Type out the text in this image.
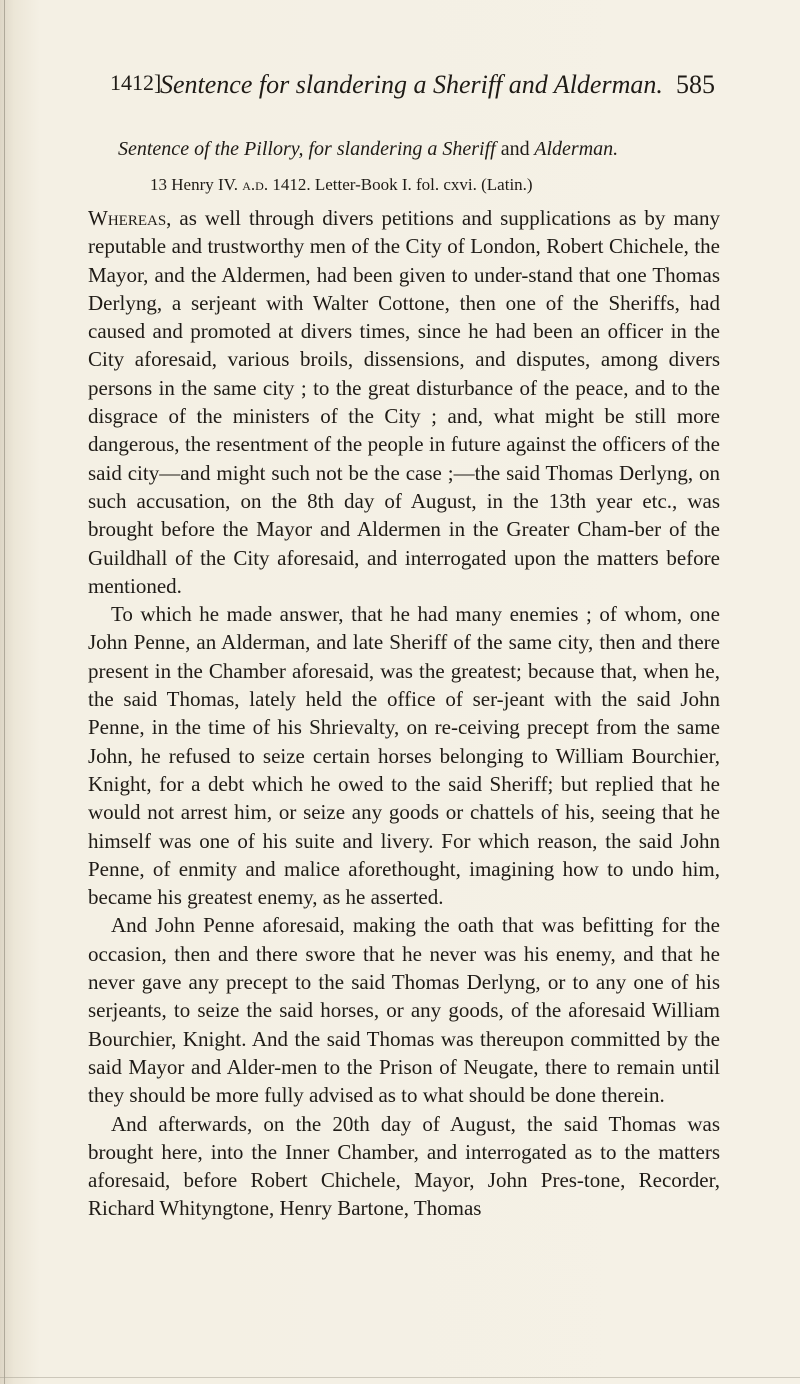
1412]
Sentence for slandering a Sheriff and Alderman. 585
Sentence of the Pillory, for slandering a Sheriff and Alderman.
13 Henry IV. a.d. 1412. Letter-Book I. fol. cxvi. (Latin.)

Whereas, as well through divers petitions and supplications as by many reputable and trustworthy men of the City of London, Robert Chichele, the Mayor, and the Aldermen, had been given to under-stand that one Thomas Derlyng, a serjeant with Walter Cottone, then one of the Sheriffs, had caused and promoted at divers times, since he had been an officer in the City aforesaid, various broils, dissensions, and disputes, among divers persons in the same city ; to the great disturbance of the peace, and to the disgrace of the ministers of the City ; and, what might be still more dangerous, the resentment of the people in future against the officers of the said city—and might such not be the case ;—the said Thomas Derlyng, on such accusation, on the 8th day of August, in the 13th year etc., was brought before the Mayor and Aldermen in the Greater Cham-ber of the Guildhall of the City aforesaid, and interrogated upon the matters before mentioned.

To which he made answer, that he had many enemies ; of whom, one John Penne, an Alderman, and late Sheriff of the same city, then and there present in the Chamber aforesaid, was the greatest; because that, when he, the said Thomas, lately held the office of ser-jeant with the said John Penne, in the time of his Shrievalty, on re-ceiving precept from the same John, he refused to seize certain horses belonging to William Bourchier, Knight, for a debt which he owed to the said Sheriff; but replied that he would not arrest him, or seize any goods or chattels of his, seeing that he himself was one of his suite and livery. For which reason, the said John Penne, of enmity and malice aforethought, imagining how to undo him, became his greatest enemy, as he asserted.

And John Penne aforesaid, making the oath that was befitting for the occasion, then and there swore that he never was his enemy, and that he never gave any precept to the said Thomas Derlyng, or to any one of his serjeants, to seize the said horses, or any goods, of the aforesaid William Bourchier, Knight. And the said Thomas was thereupon committed by the said Mayor and Alder-men to the Prison of Neugate, there to remain until they should be more fully advised as to what should be done therein.

And afterwards, on the 20th day of August, the said Thomas was brought here, into the Inner Chamber, and interrogated as to the matters aforesaid, before Robert Chichele, Mayor, John Pres-tone, Recorder, Richard Whityngtone, Henry Bartone, Thomas
